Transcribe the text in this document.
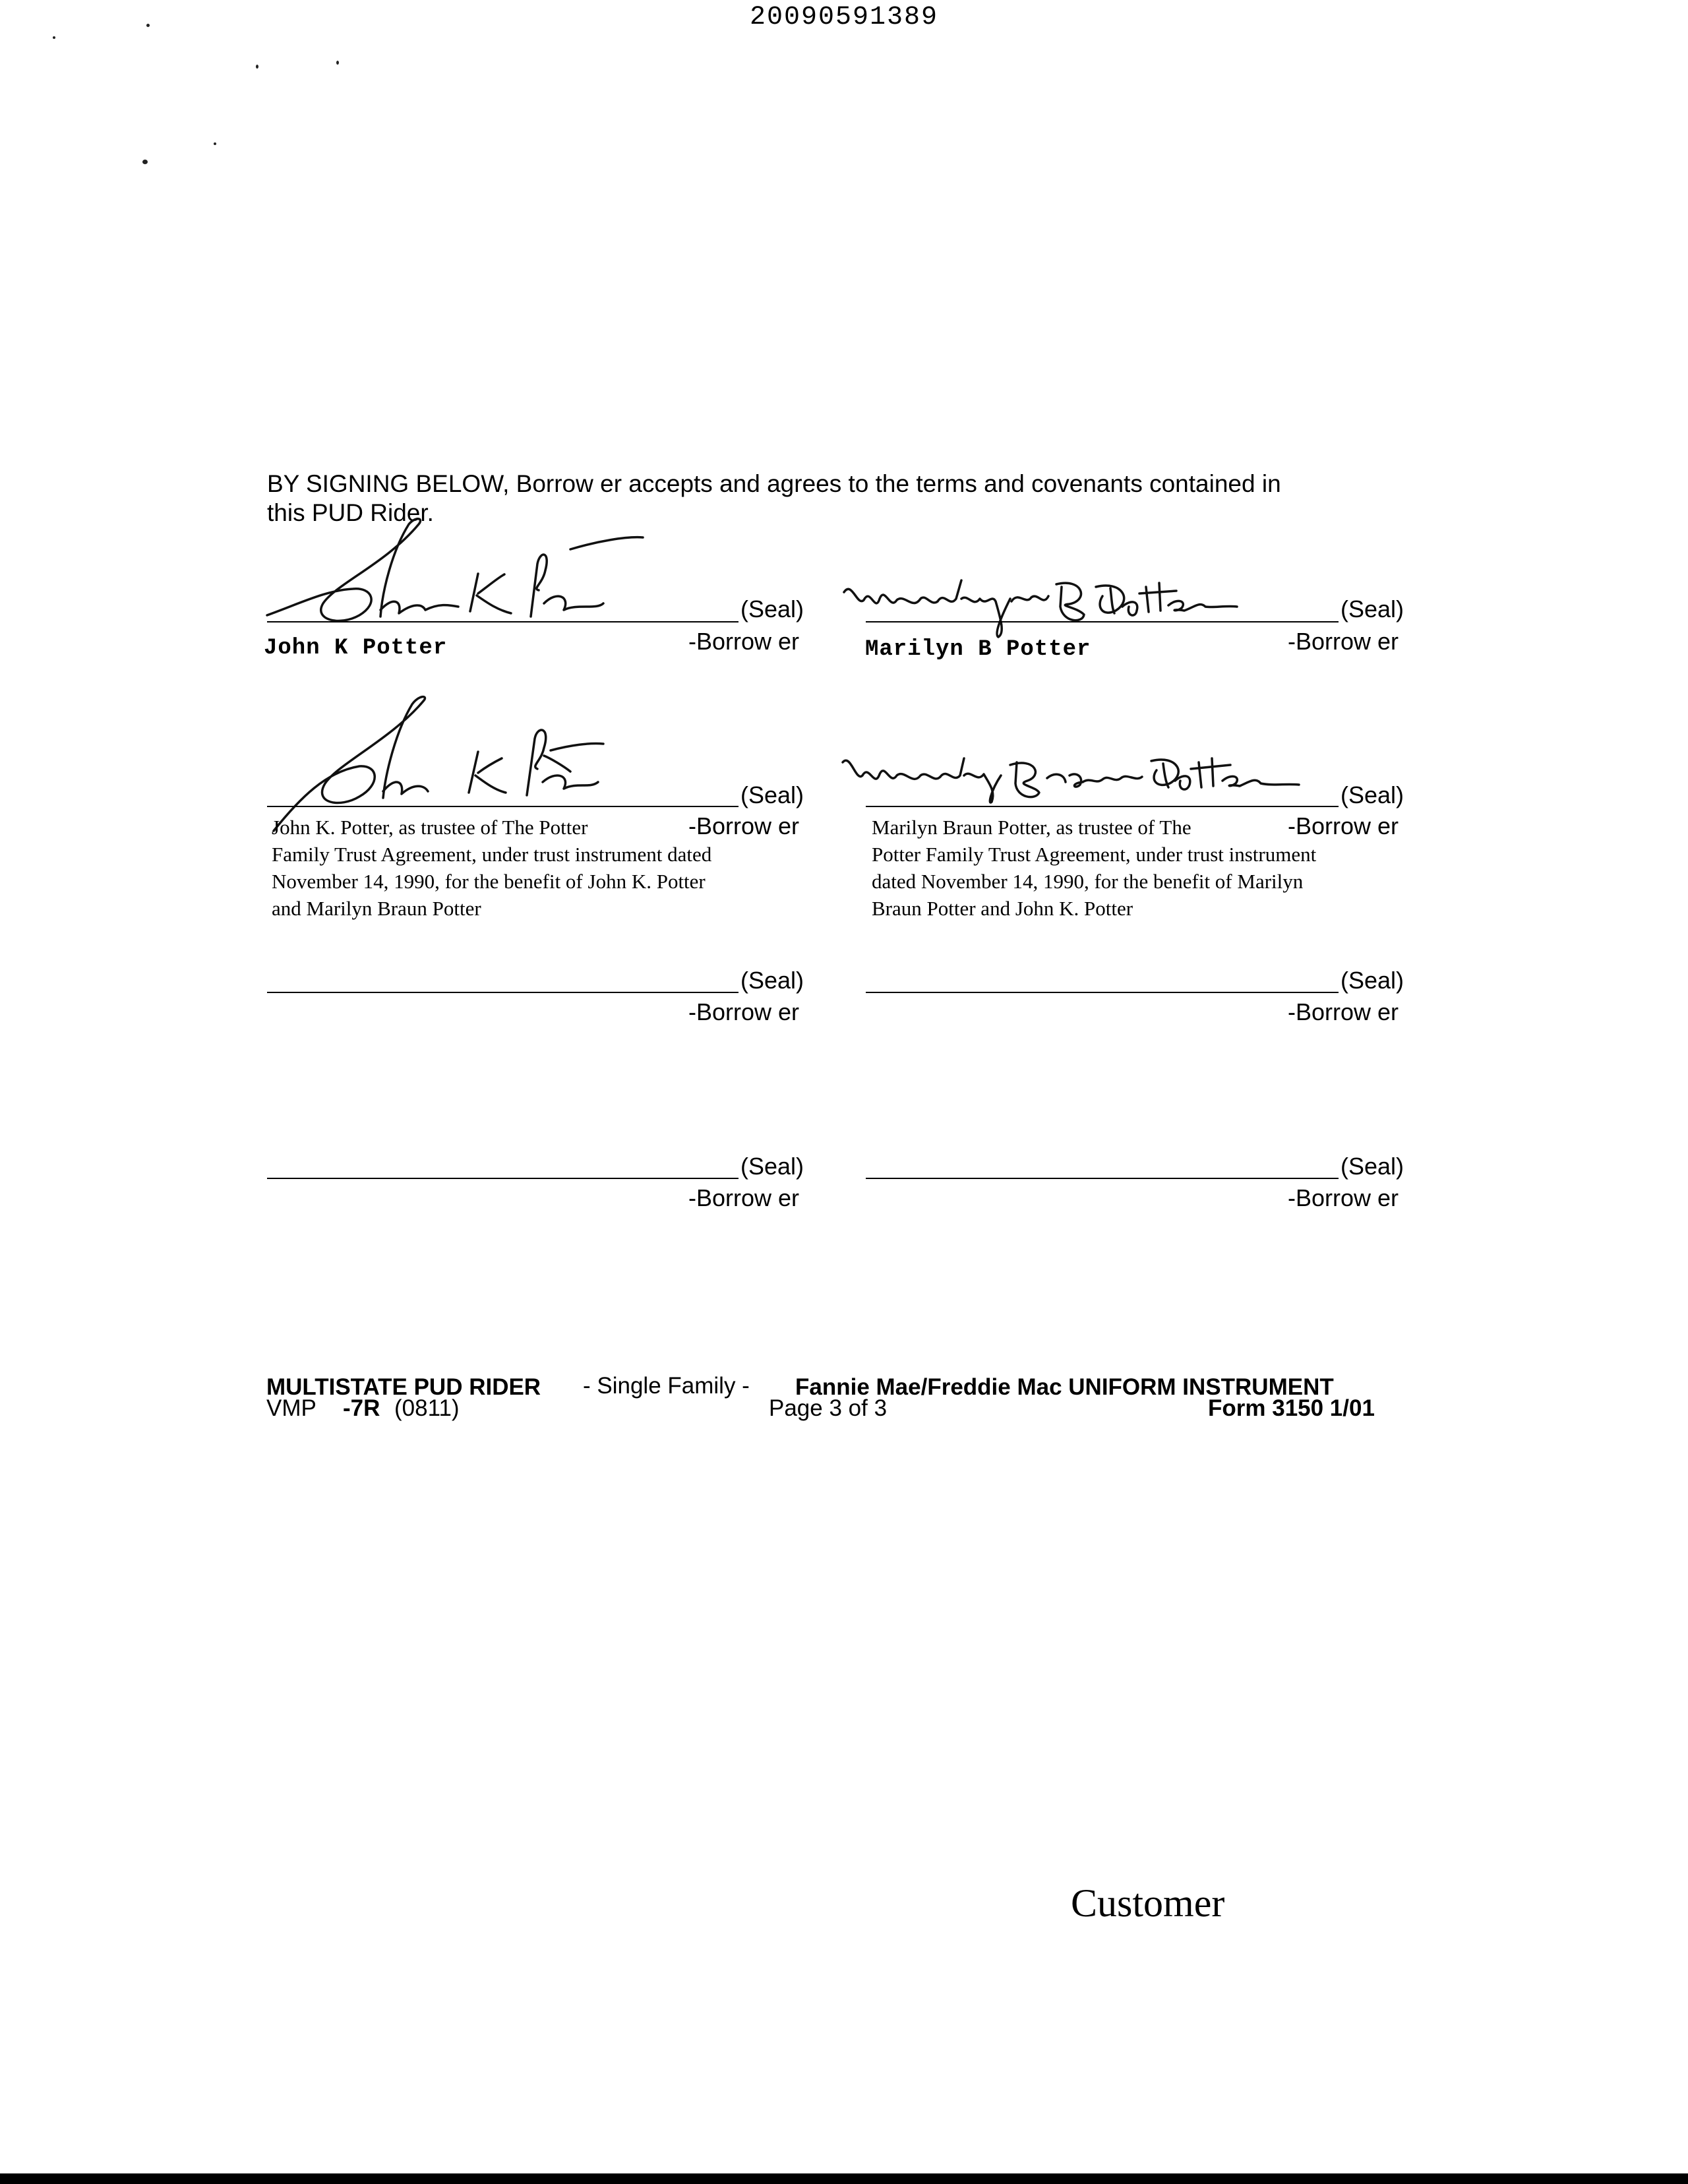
20090591389
BY SIGNING BELOW, Borrow er accepts and agrees to the terms and covenants contained in
this PUD Rider.
(Seal)
John K Potter	-Borrow er
(Seal)
Marilyn B Potter	-Borrow er
(Seal)
-Borrow er
John K. Potter, as trustee of The Potter
Family Trust Agreement, under trust instrument dated
November 14, 1990, for the benefit of John K. Potter
and Marilyn Braun Potter
(Seal)
-Borrow er
Marilyn Braun Potter, as trustee of The
Potter Family Trust Agreement, under trust instrument
dated November 14, 1990, for the benefit of Marilyn
Braun Potter and John K. Potter
(Seal)
-Borrow er
(Seal)
-Borrow er
(Seal)
-Borrow er
(Seal)
-Borrow er
MULTISTATE PUD RIDER - Single Family - Fannie Mae/Freddie Mac UNIFORM INSTRUMENT
VMP -7R (0811)	Page 3 of 3	Form 3150 1/01
Customer
